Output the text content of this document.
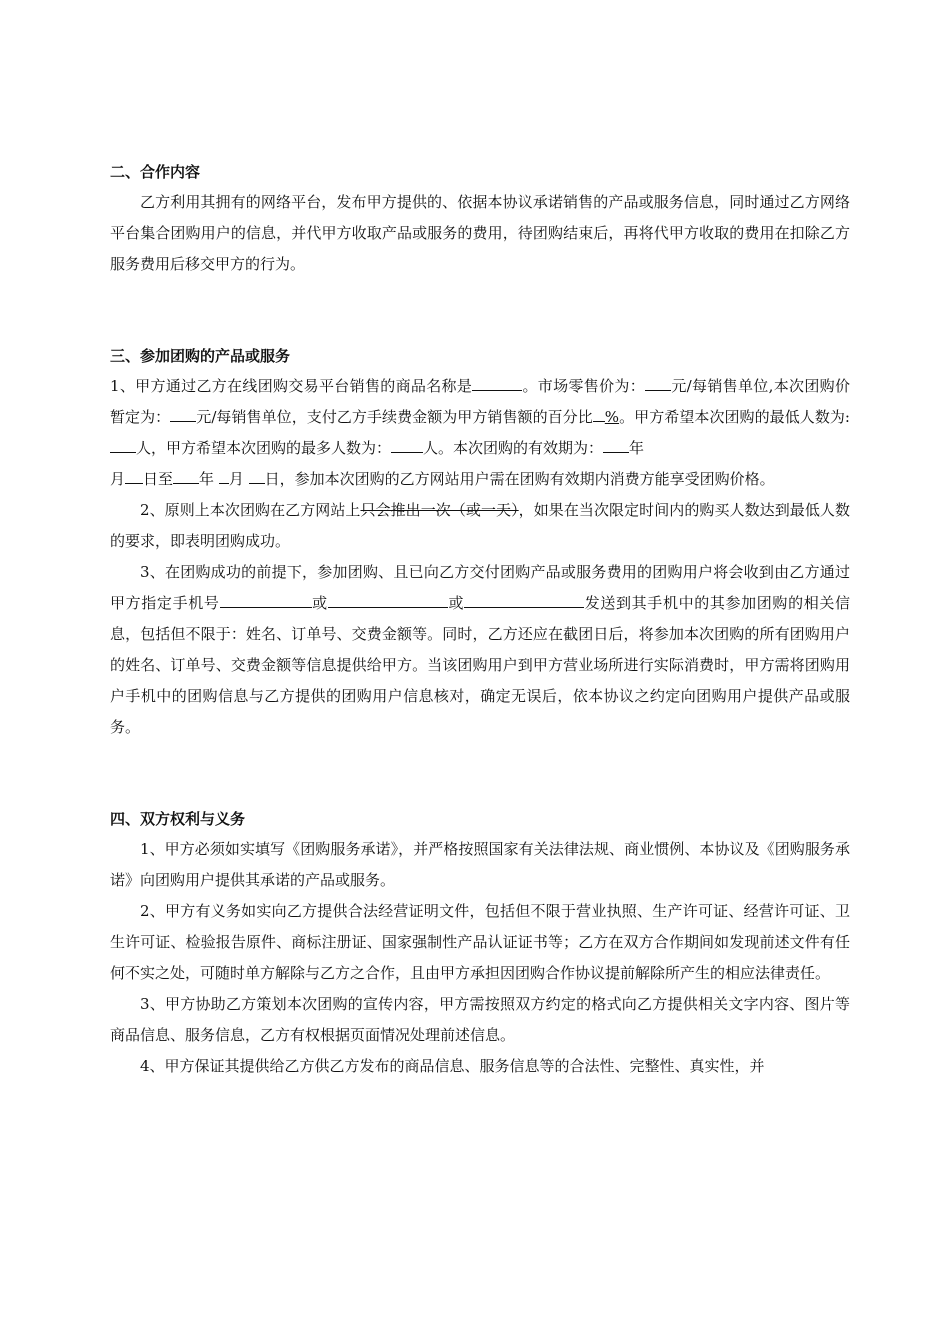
二、合作内容

乙方利用其拥有的网络平台，发布甲方提供的、依据本协议承诺销售的产品或服务信息，同时通过乙方网络平台集合团购用户的信息，并代甲方收取产品或服务的费用，待团购结束后，再将代甲方收取的费用在扣除乙方服务费用后移交甲方的行为。

三、参加团购的产品或服务

1、甲方通过乙方在线团购交易平台销售的商品名称是	。市场零售价为： 元/每销售单位,本次团购价暂定为： 元/每销售单位，支付乙方手续费金额为甲方销售额的百分比 %。甲方希望本次团购的最低人数为:人，甲方希望本次团购的最多人数为： 人。本次团购的有效期为： 年
月 日至 年 月 日，参加本次团购的乙方网站用户需在团购有效期内消费方能享受团购价格。

2、原则上本次团购在乙方网站上只会推出一次（或一天），如果在当次限定时间内的购买人数达到最低人数的要求，即表明团购成功。

3、在团购成功的前提下，参加团购、且已向乙方交付团购产品或服务费用的团购用户将会收到由乙方通过甲方指定手机号	或	或	发送到其手机中的其参加团购的相关信息，包括但不限于：姓名、订单号、交费金额等。同时，乙方还应在截团日后，将参加本次团购的所有团购用户的姓名、订单号、交费金额等信息提供给甲方。当该团购用户到甲方营业场所进行实际消费时，甲方需将团购用户手机中的团购信息与乙方提供的团购用户信息核对，确定无误后，依本协议之约定向团购用户提供产品或服务。

四、双方权利与义务

1、甲方必须如实填写《团购服务承诺》，并严格按照国家有关法律法规、商业惯例、本协议及《团购服务承诺》向团购用户提供其承诺的产品或服务。

2、甲方有义务如实向乙方提供合法经营证明文件，包括但不限于营业执照、生产许可证、经营许可证、卫生许可证、检验报告原件、商标注册证、国家强制性产品认证证书等；乙方在双方合作期间如发现前述文件有任何不实之处，可随时单方解除与乙方之合作，且由甲方承担因团购合作协议提前解除所产生的相应法律责任。

3、甲方协助乙方策划本次团购的宣传内容，甲方需按照双方约定的格式向乙方提供相关文字内容、图片等商品信息、服务信息，乙方有权根据页面情况处理前述信息。

4、甲方保证其提供给乙方供乙方发布的商品信息、服务信息等的合法性、完整性、真实性，并
